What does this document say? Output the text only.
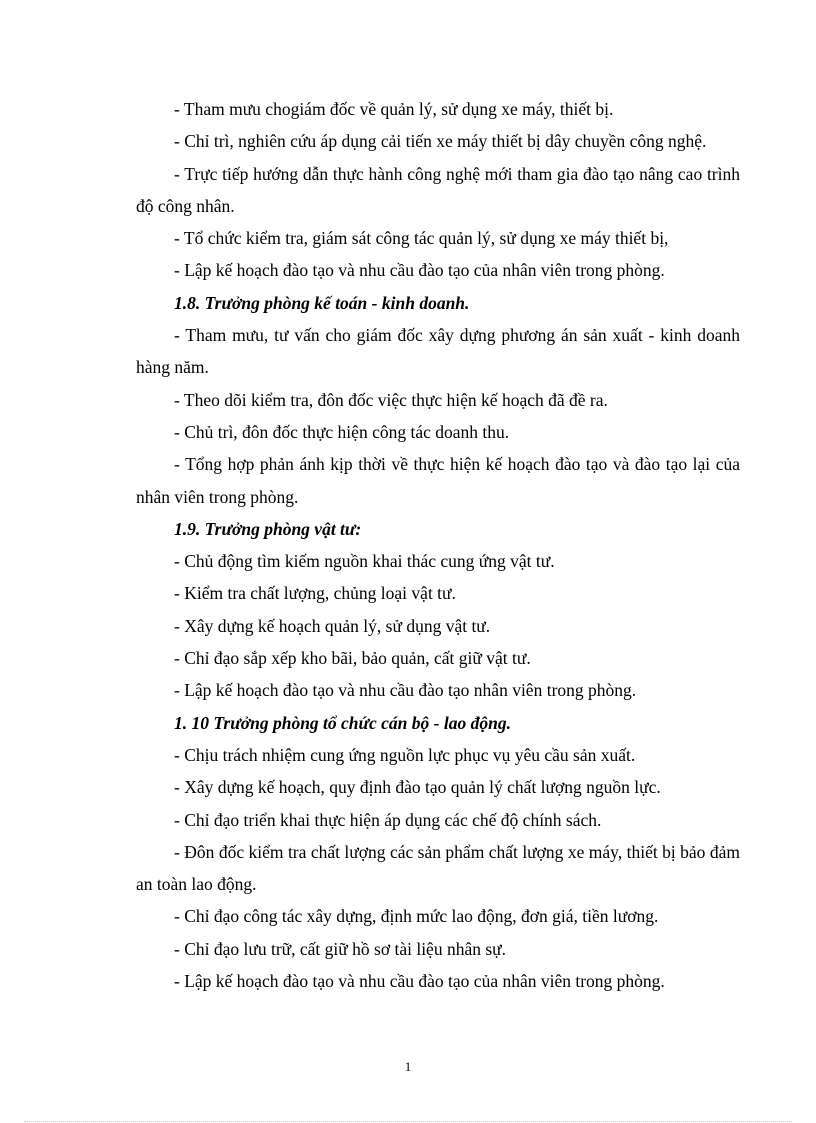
- Tham mưu chogiám đốc về quản lý, sử dụng xe máy, thiết bị.

- Chỉ trì, nghiên cứu áp dụng cải tiến xe máy thiết bị dây chuyền công nghệ.

- Trực tiếp hướng dẫn thực hành công nghệ mới tham gia đào tạo nâng cao trình độ công nhân.

- Tổ chức kiểm tra, giám sát công tác quản lý, sử dụng xe máy thiết bị,

- Lập kế hoạch đào tạo và nhu cầu đào tạo của nhân viên trong phòng.

1.8. Trưởng phòng kế toán - kinh doanh.

- Tham mưu, tư vấn cho giám đốc xây dựng phương án sản xuất - kinh doanh hàng năm.

- Theo dõi kiểm tra, đôn đốc việc thực hiện kế hoạch đã đề ra.

- Chủ trì, đôn đốc thực hiện công tác doanh thu.

- Tổng hợp phản ánh kịp thời về thực hiện kế hoạch đào tạo và đào tạo lại của nhân viên trong phòng.

1.9. Trưởng phòng vật tư:

- Chủ động tìm kiếm nguồn khai thác cung ứng vật tư.

- Kiểm tra chất lượng, chủng loại vật tư.

- Xây dựng kế hoạch quản lý, sử dụng vật tư.

- Chỉ đạo sắp xếp kho bãi, bảo quản, cất giữ vật tư.

- Lập kế hoạch đào tạo và nhu cầu đào tạo nhân viên trong phòng.

1. 10 Trưởng phòng tổ chức cán bộ - lao động.

- Chịu trách nhiệm cung ứng nguồn lực phục vụ yêu cầu sản xuất.

- Xây dựng kế hoạch, quy định đào tạo quản lý chất lượng nguồn lực.

- Chỉ đạo triển khai thực hiện áp dụng các chế độ chính sách.

- Đôn đốc kiểm tra chất lượng các sản phẩm chất lượng xe máy, thiết bị bảo đảm an toàn lao động.

- Chỉ đạo công tác xây dựng, định mức lao động, đơn giá, tiền lương.

- Chỉ đạo lưu trữ, cất giữ hồ sơ tài liệu nhân sự.

- Lập kế hoạch đào tạo và nhu cầu đào tạo của nhân viên trong phòng.

1
